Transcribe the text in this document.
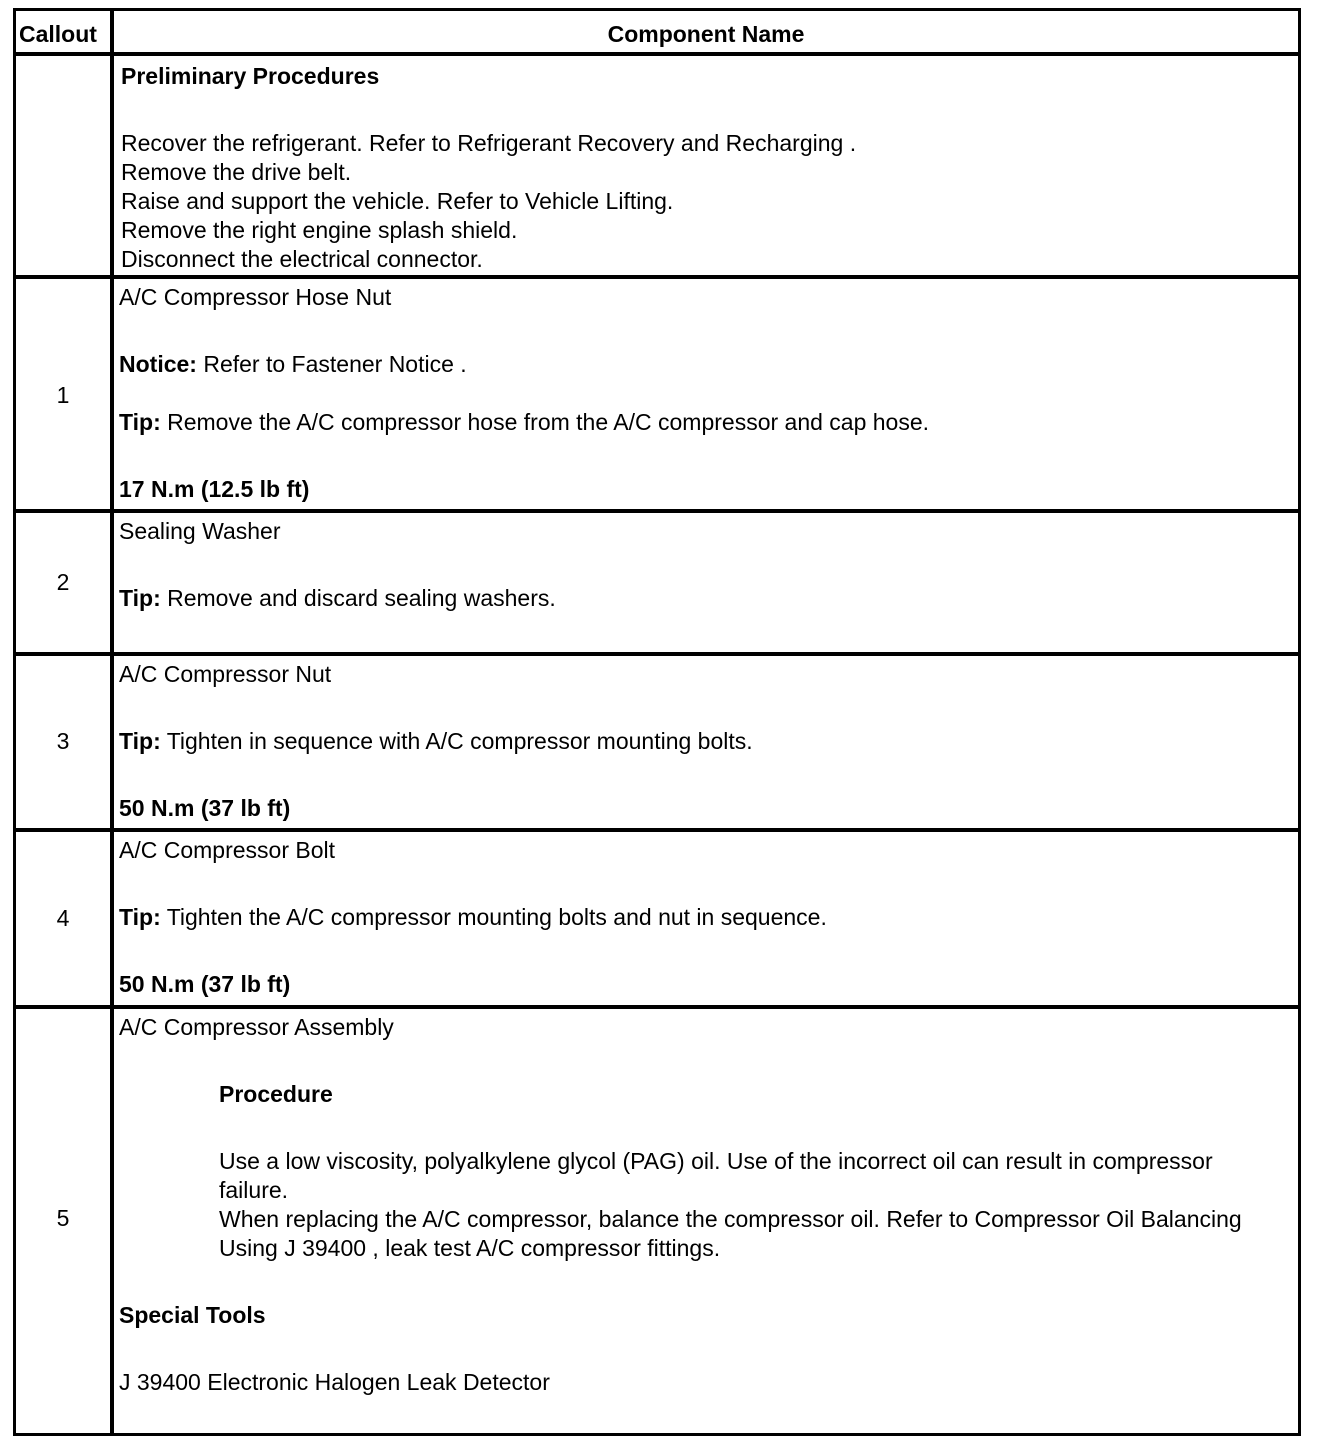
Callout	Component Name

Preliminary Procedures

Recover the refrigerant. Refer to Refrigerant Recovery and Recharging .

Remove the drive belt.

Raise and support the vehicle. Refer to Vehicle Lifting.

Remove the right engine splash shield.

Disconnect the electrical connector.

1

A/C Compressor Hose Nut

Notice: Refer to Fastener Notice .

Tip: Remove the A/C compressor hose from the A/C compressor and cap hose.

17 N.m (12.5 lb ft)

2

Sealing Washer

Tip: Remove and discard sealing washers.

3

A/C Compressor Nut

Tip: Tighten in sequence with A/C compressor mounting bolts.

50 N.m (37 lb ft)

4

A/C Compressor Bolt

Tip: Tighten the A/C compressor mounting bolts and nut in sequence.

50 N.m (37 lb ft)

5

A/C Compressor Assembly

Procedure

Use a low viscosity, polyalkylene glycol (PAG) oil. Use of the incorrect oil can result in compressor failure.

When replacing the A/C compressor, balance the compressor oil. Refer to Compressor Oil Balancing

Using J 39400 , leak test A/C compressor fittings.

Special Tools

J 39400 Electronic Halogen Leak Detector
